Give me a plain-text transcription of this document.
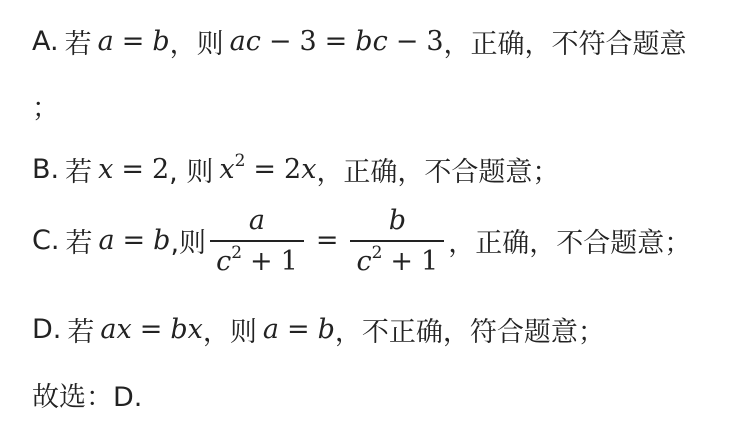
A. 若 a = b ， 则 ac − 3 = bc − 3 ， 正确，不符合题意
；
B. 若 x = 2 , 则 $x^2 = 2x$ ，正确，不合题意；
C. 若 a = b ,则 $\frac{a}{c^2 + 1} = \frac{b}{c^2 + 1}$ ，正确，不合题意；
D. 若 ax = bx ，则 a = b ，不正确，符合题意；
故选：D.
